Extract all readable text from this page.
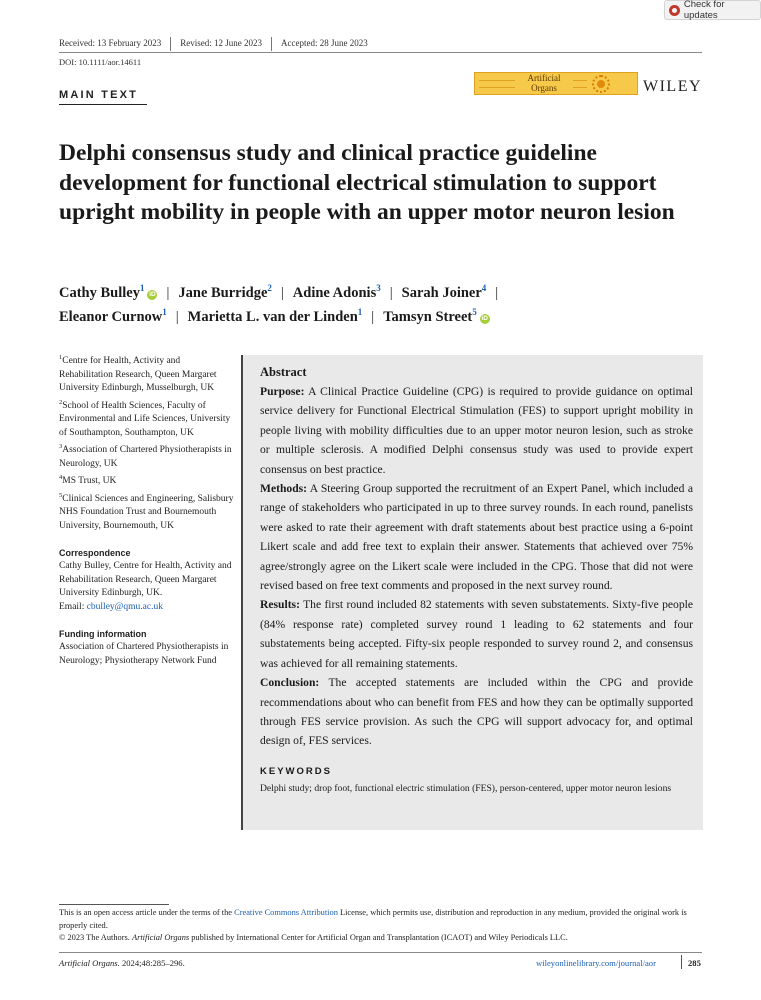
Check for updates
Received: 13 February 2023	Revised: 12 June 2023	Accepted: 28 June 2023
DOI: 10.1111/aor.14611
MAIN TEXT
Artificial
Organs	WILEY
Delphi consensus study and clinical practice guideline development for functional electrical stimulation to support upright mobility in people with an upper motor neuron lesion
Cathy Bulley$^1$iD | Jane Burridge$^2$ | Adine Adonis$^3$ | Sarah Joiner$^4$ |
Eleanor Curnow$^1$ | Marietta L. van der Linden$^1$ | Tamsyn Street$^5$iD
$^1$Centre for Health, Activity and Rehabilitation Research, Queen Margaret University Edinburgh, Musselburgh, UK
$^2$School of Health Sciences, Faculty of Environmental and Life Sciences, University of Southampton, Southampton, UK
$^3$Association of Chartered Physiotherapists in Neurology, UK
$^4$MS Trust, UK
$^5$Clinical Sciences and Engineering, Salisbury NHS Foundation Trust and Bournemouth University, Bournemouth, UK
Correspondence
Cathy Bulley, Centre for Health, Activity and Rehabilitation Research, Queen Margaret University Edinburgh, UK.
Email: cbulley@qmu.ac.uk
Funding information
Association of Chartered Physiotherapists in Neurology; Physiotherapy Network Fund
Abstract

Purpose: A Clinical Practice Guideline (CPG) is required to provide guidance on optimal service delivery for Functional Electrical Stimulation (FES) to support upright mobility in people living with mobility difficulties due to an upper motor neuron lesion, such as stroke or multiple sclerosis. A modified Delphi consensus study was used to provide expert consensus on best practice.

Methods: A Steering Group supported the recruitment of an Expert Panel, which included a range of stakeholders who participated in up to three survey rounds. In each round, panelists were asked to rate their agreement with draft statements about best practice using a 6-point Likert scale and add free text to explain their answer. Statements that achieved over 75% agree/strongly agree on the Likert scale were included in the CPG. Those that did not were revised based on free text comments and proposed in the next survey round.

Results: The first round included 82 statements with seven substatements. Sixty-five people (84% response rate) completed survey round 1 leading to 62 statements and four substatements being accepted. Fifty-six people responded to survey round 2, and consensus was achieved for all remaining statements.

Conclusion: The accepted statements are included within the CPG and provide recommendations about who can benefit from FES and how they can be optimally supported through FES service provision. As such the CPG will support advocacy for, and optimal design of, FES services.

KEYWORDS
Delphi study; drop foot, functional electric stimulation (FES), person-centered, upper motor neuron lesions
This is an open access article under the terms of the Creative Commons Attribution License, which permits use, distribution and reproduction in any medium, provided the original work is properly cited.
© 2023 The Authors. Artificial Organs published by International Center for Artificial Organ and Transplantation (ICAOT) and Wiley Periodicals LLC.
Artificial Organs. 2024;48:285–296.	wileyonlinelibrary.com/journal/aor	285
